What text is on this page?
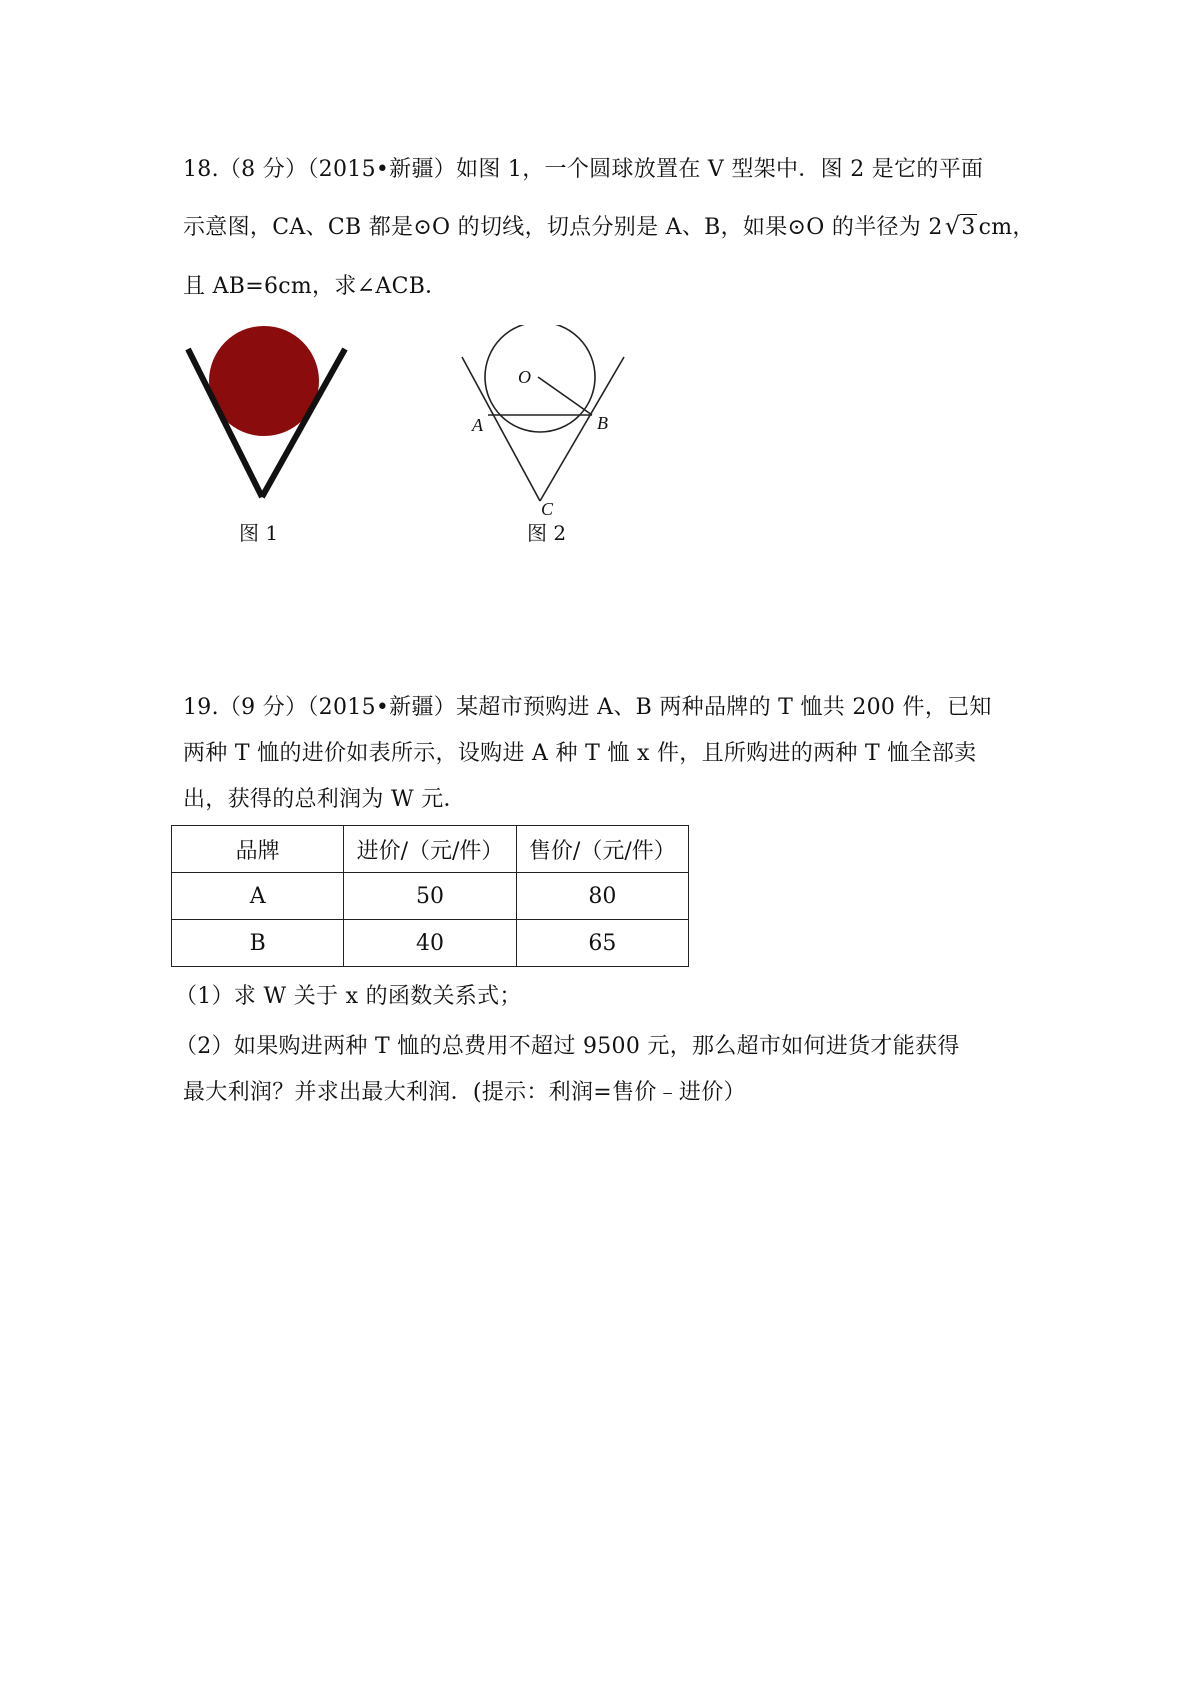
18.（8 分）（2015•新疆）如图 1，一个圆球放置在 V 型架中．图 2 是它的平面
示意图，CA、CB 都是⊙O 的切线，切点分别是 A、B，如果⊙O 的半径为 2√3 cm，
且 AB=6cm，求∠ACB．
图 1
O
A	B
C
图 2
19.（9 分）（2015•新疆）某超市预购进 A、B 两种品牌的 T 恤共 200 件，已知
两种 T 恤的进价如表所示，设购进 A 种 T 恤 x 件，且所购进的两种 T 恤全部卖
出，获得的总利润为 W 元．
品牌	进价/（元/件）	售价/（元/件）
A	50	80
B	40	65
（1）求 W 关于 x 的函数关系式；
（2）如果购进两种 T 恤的总费用不超过 9500 元，那么超市如何进货才能获得
最大利润？并求出最大利润．(提示：利润=售价﹣进价）
